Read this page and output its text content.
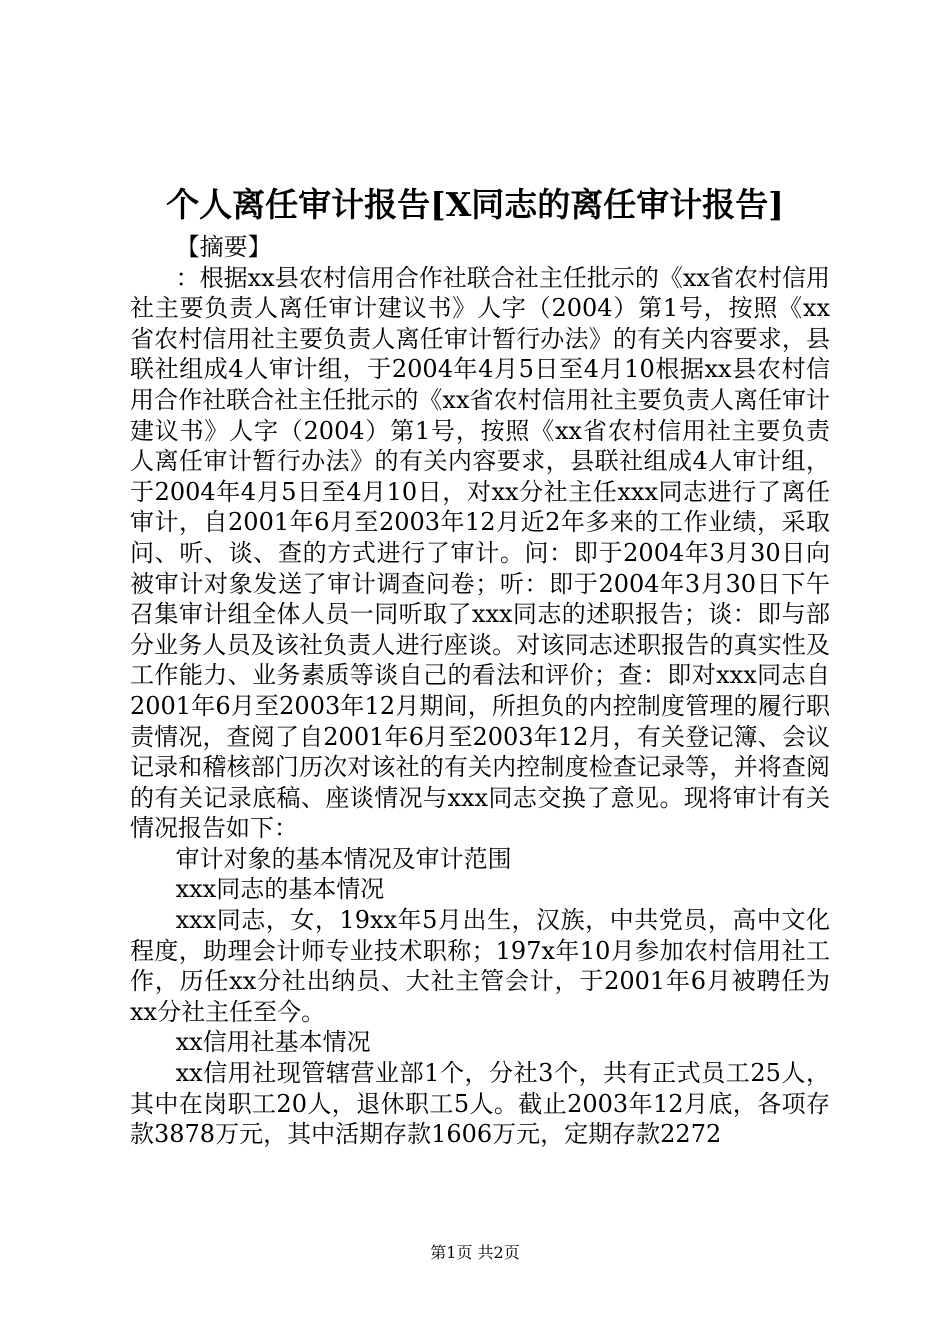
个人离任审计报告[X同志的离任审计报告]

【摘要】

：根据xx县农村信用合作社联合社主任批示的《xx省农村信用社主要负责人离任审计建议书》人字（2004）第1号，按照《xx省农村信用社主要负责人离任审计暂行办法》的有关内容要求，县联社组成4人审计组，于2004年4月5日至4月10根据xx县农村信用合作社联合社主任批示的《xx省农村信用社主要负责人离任审计建议书》人字（2004）第1号，按照《xx省农村信用社主要负责人离任审计暂行办法》的有关内容要求，县联社组成4人审计组，于2004年4月5日至4月10日，对xx分社主任xxx同志进行了离任审计，自2001年6月至2003年12月近2年多来的工作业绩，采取问、听、谈、查的方式进行了审计。问：即于2004年3月30日向被审计对象发送了审计调查问卷；听：即于2004年3月30日下午召集审计组全体人员一同听取了xxx同志的述职报告；谈：即与部分业务人员及该社负责人进行座谈。对该同志述职报告的真实性及工作能力、业务素质等谈自己的看法和评价；查：即对xxx同志自2001年6月至2003年12月期间，所担负的内控制度管理的履行职责情况，查阅了自2001年6月至2003年12月，有关登记簿、会议记录和稽核部门历次对该社的有关内控制度检查记录等，并将查阅的有关记录底稿、座谈情况与xxx同志交换了意见。现将审计有关情况报告如下：

审计对象的基本情况及审计范围

xxx同志的基本情况

xxx同志，女，19xx年5月出生，汉族，中共党员，高中文化程度，助理会计师专业技术职称；197x年10月参加农村信用社工作，历任xx分社出纳员、大社主管会计，于2001年6月被聘任为xx分社主任至今。

xx信用社基本情况

xx信用社现管辖营业部1个，分社3个，共有正式员工25人，其中在岗职工20人，退休职工5人。截止2003年12月底，各项存款3878万元，其中活期存款1606万元，定期存款2272

第1页 共2页
